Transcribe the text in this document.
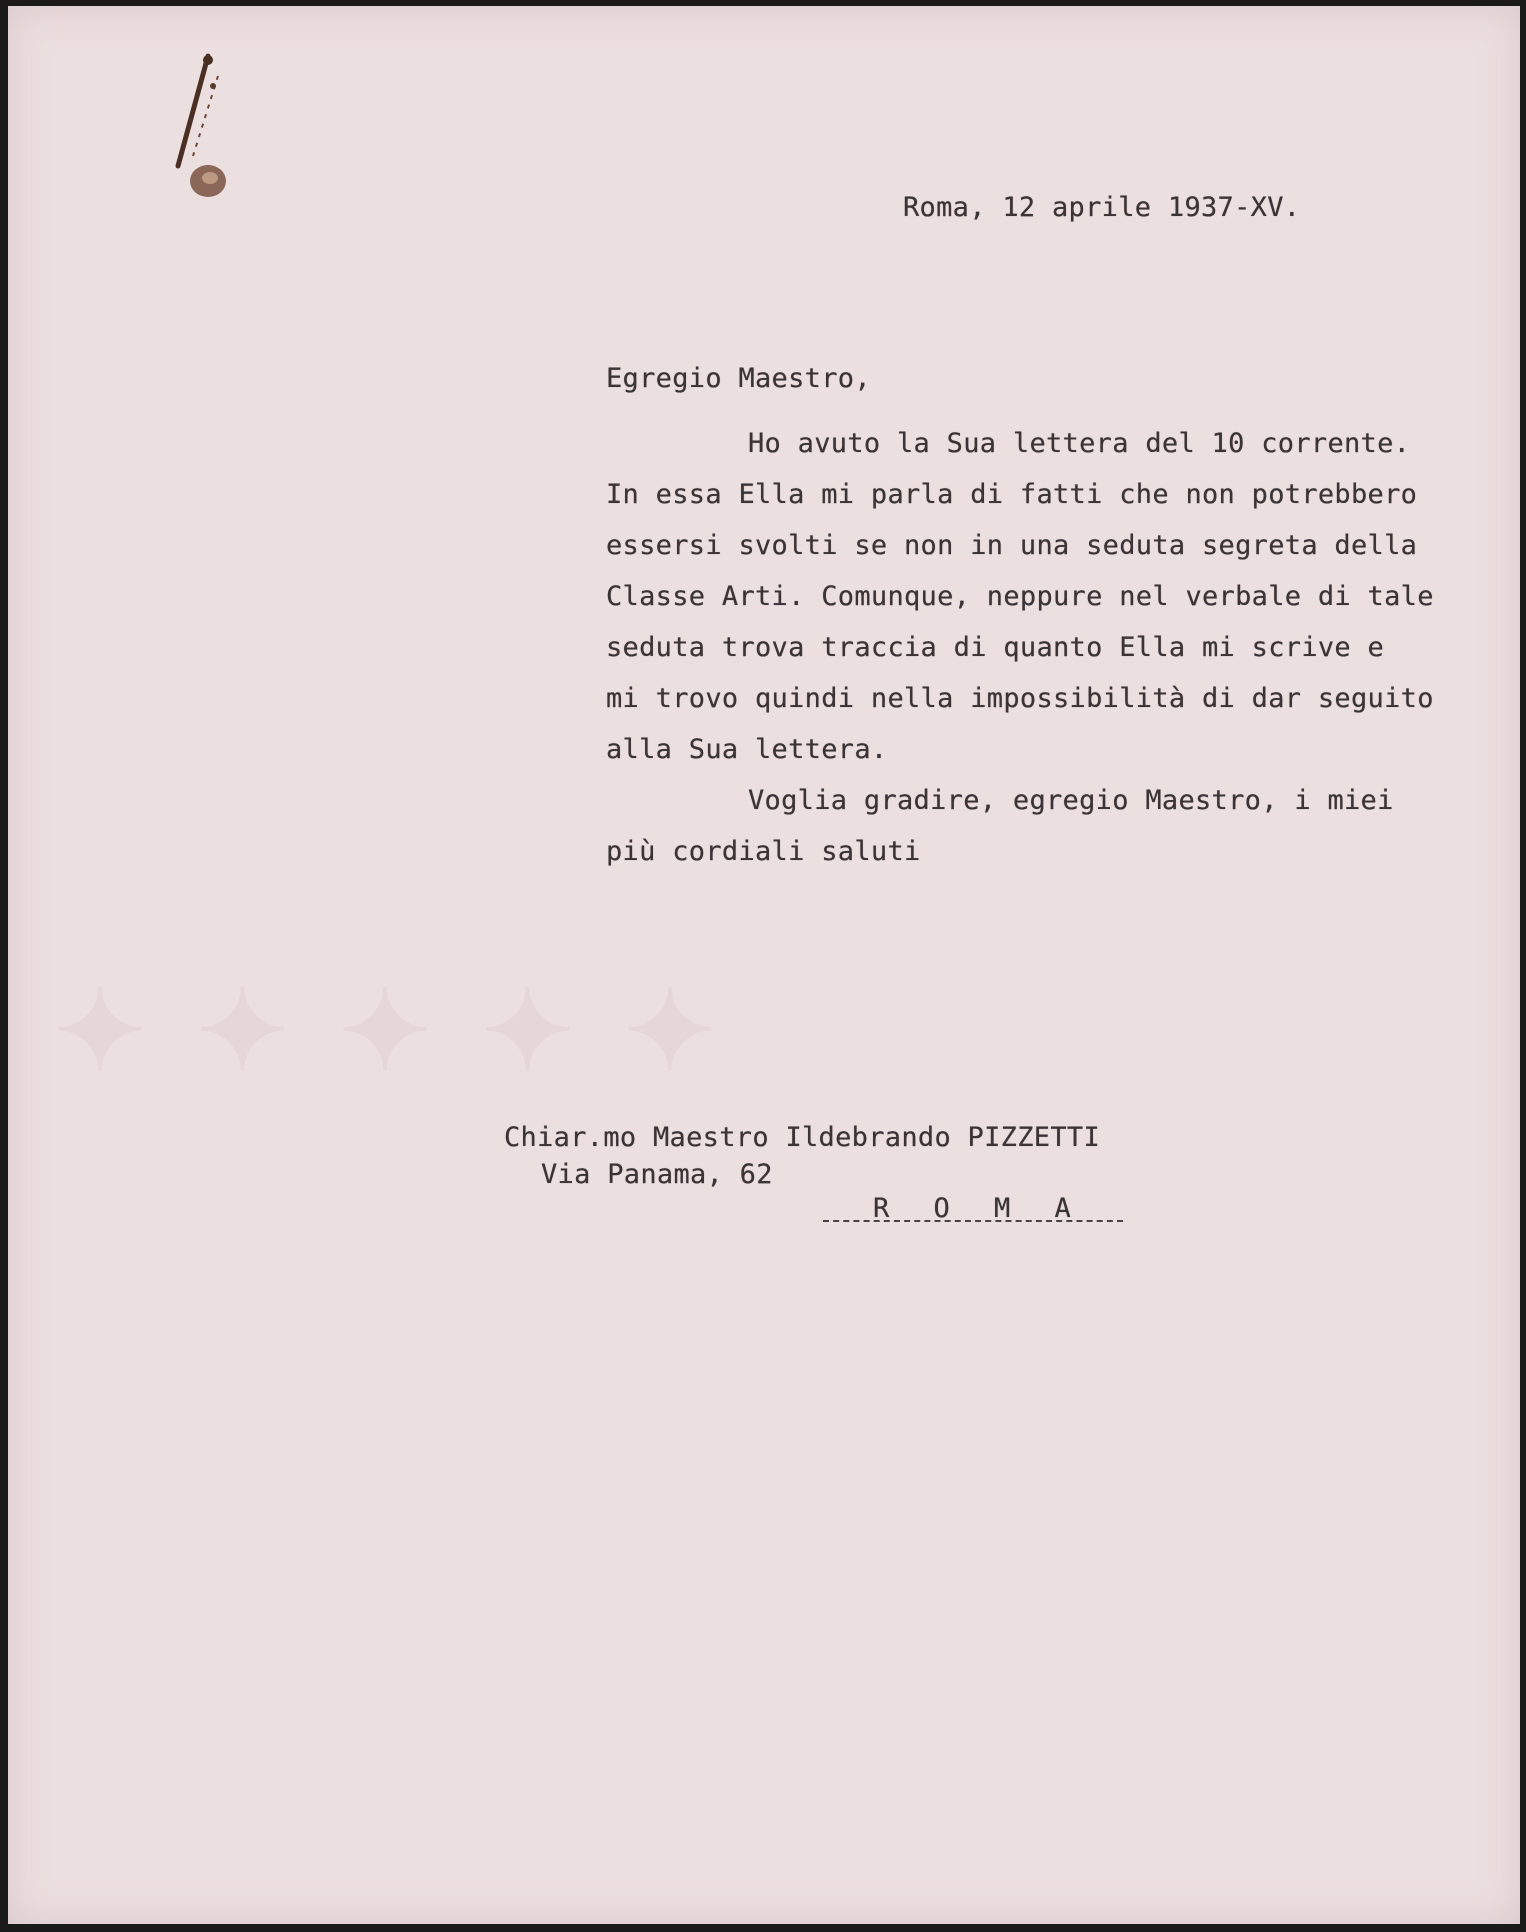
Roma, 12 aprile 1937-XV.
Egregio Maestro,
Ho avuto la Sua lettera del 10 corrente.
In essa Ella mi parla di fatti che non potrebbero
essersi svolti se non in una seduta segreta della
Classe Arti. Comunque, neppure nel verbale di tale
seduta trova traccia di quanto Ella mi scrive e
mi trovo quindi nella impossibilità di dar seguito
alla Sua lettera.
Voglia gradire, egregio Maestro, i miei
più cordiali saluti
✦ ✦ ✦ ✦ ✦
Chiar.mo Maestro Ildebrando PIZZETTI
Via Panama, 62
R O M A
